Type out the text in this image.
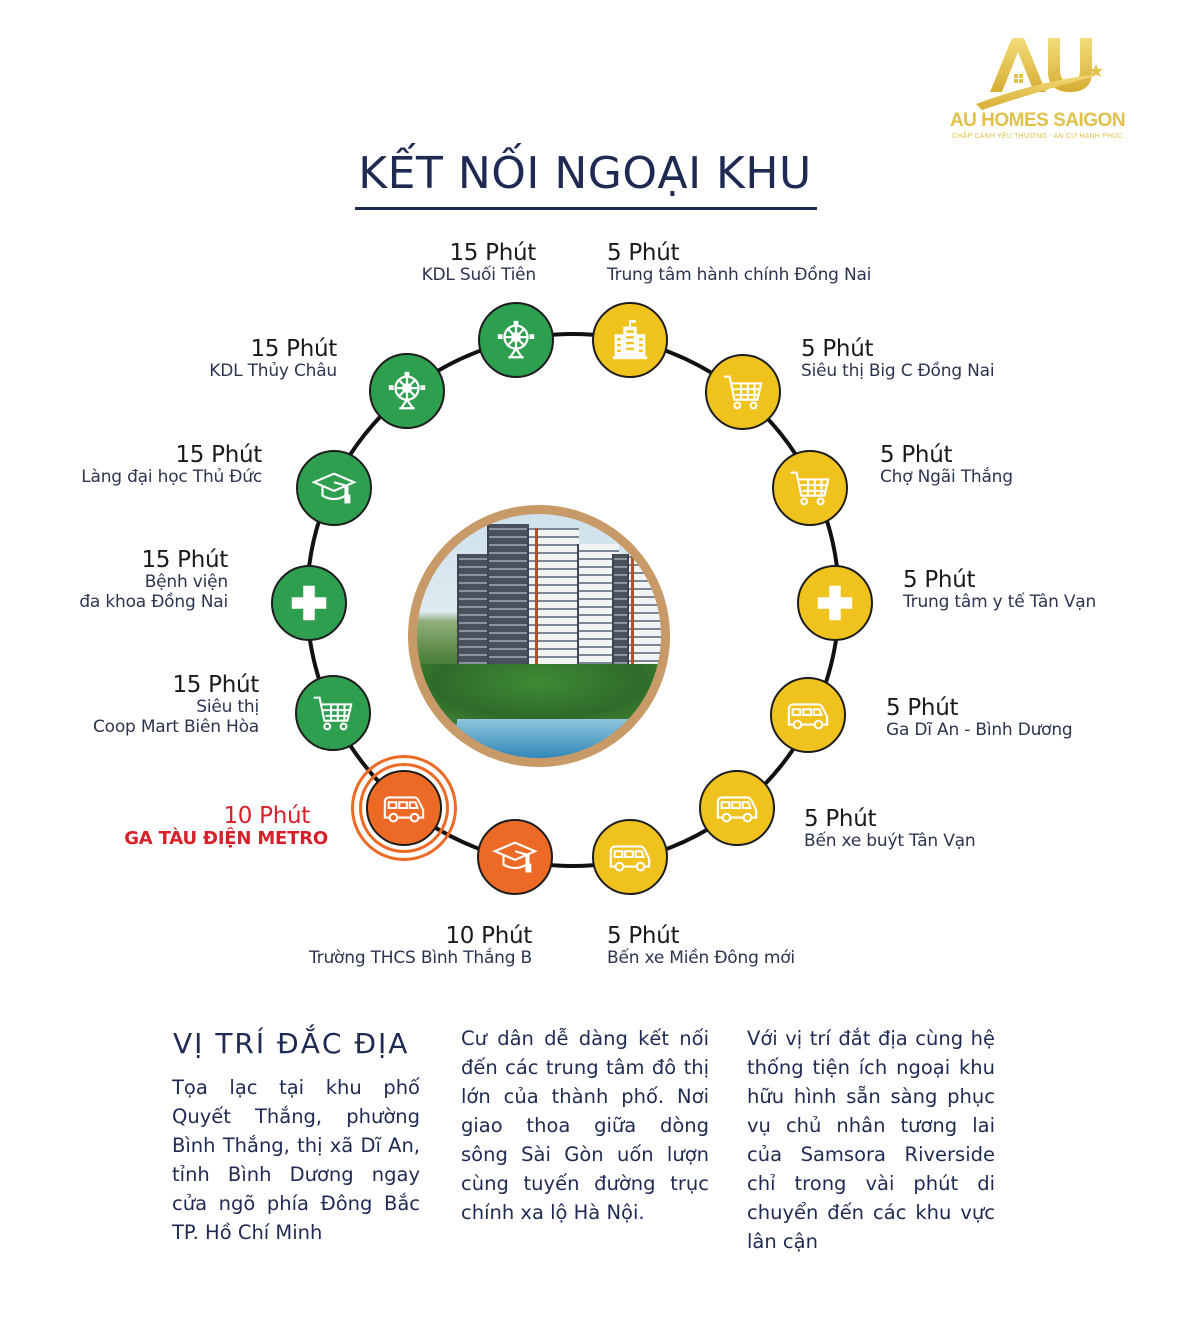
AU HOMES SAIGON
CHẤP CÁNH YÊU THƯƠNG - AN CƯ HẠNH PHÚC
KẾT NỐI NGOẠI KHU
15 Phút
KDL Suối Tiên
5 Phút
Trung tâm hành chính Đồng Nai
5 Phút
Siêu thị Big C Đồng Nai
5 Phút
Chợ Ngãi Thắng
5 Phút
Trung tâm y tế Tân Vạn
5 Phút
Ga Dĩ An - Bình Dương
5 Phút
Bến xe buýt Tân Vạn
5 Phút
Bến xe Miền Đông mới
10 Phút
Trường THCS Bình Thắng B
10 Phút
GA TÀU ĐIỆN METRO
15 Phút
Siêu thị
Coop Mart Biên Hòa
15 Phút
Bệnh viện
đa khoa Đồng Nai
15 Phút
Làng đại học Thủ Đức
15 Phút
KDL Thủy Châu
VỊ TRÍ ĐẮC ĐỊA
Tọa lạc tại khu phố Quyết Thắng, phường Bình Thắng, thị xã Dĩ An, tỉnh Bình Dương ngay cửa ngõ phía Đông Bắc TP. Hồ Chí Minh
Cư dân dễ dàng kết nối đến các trung tâm đô thị lớn của thành phố. Nơi giao thoa giữa dòng sông Sài Gòn uốn lượn cùng tuyến đường trục chính xa lộ Hà Nội.
Với vị trí đắt địa cùng hệ thống tiện ích ngoại khu hữu hình sẵn sàng phục vụ chủ nhân tương lai của Samsora Riverside chỉ trong vài phút di chuyển đến các khu vực lân cận
